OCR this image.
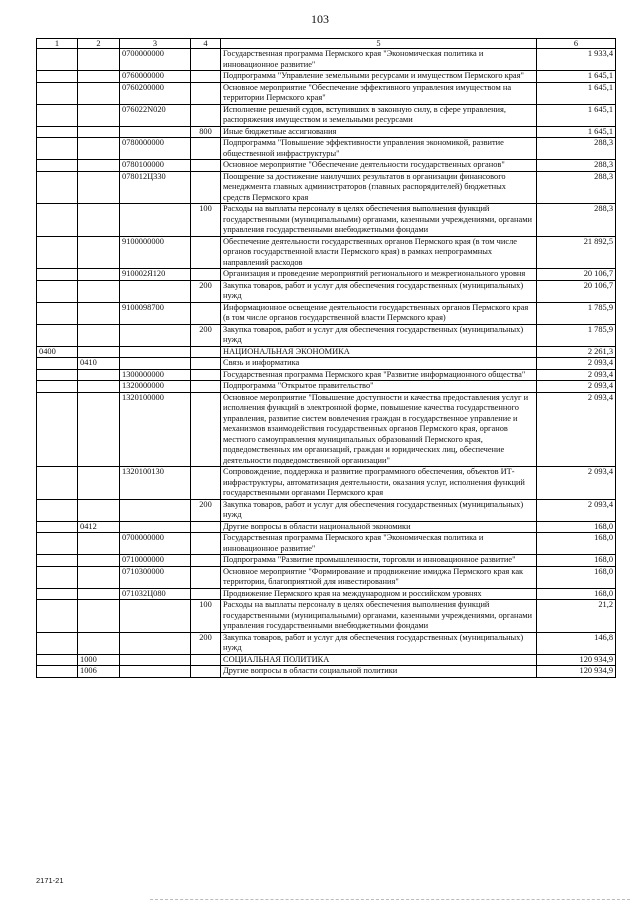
103
1	2	3	4	5	6
		0700000000		Государственная программа Пермского края "Экономическая политика и инновационное развитие"	1 933,4
		0760000000		Подпрограмма "Управление земельными ресурсами и имуществом Пермского края"	1 645,1
		0760200000		Основное мероприятие "Обеспечение эффективного управления имуществом на территории Пермского края"	1 645,1
		076022N020		Исполнение решений судов, вступивших в законную силу, в сфере управления, распоряжения имуществом и земельными ресурсами	1 645,1
			800	Иные бюджетные ассигнования	1 645,1
		0780000000		Подпрограмма "Повышение эффективности управления экономикой, развитие общественной инфраструктуры"	288,3
		0780100000		Основное мероприятие "Обеспечение деятельности государственных органов"	288,3
		078012Ц330		Поощрение за достижение наилучших результатов в организации финансового менеджмента главных администраторов (главных распорядителей) бюджетных средств Пермского края	288,3
			100	Расходы на выплаты персоналу в целях обеспечения выполнения функций государственными (муниципальными) органами, казенными учреждениями, органами управления государственными внебюджетными фондами	288,3
		9100000000		Обеспечение деятельности государственных органов Пермского края (в том числе органов государственной власти Пермского края) в рамках непрограммных направлений расходов	21 892,5
		910002Я120		Организация и проведение мероприятий регионального и межрегионального уровня	20 106,7
			200	Закупка товаров, работ и услуг для обеспечения государственных (муниципальных) нужд	20 106,7
		9100098700		Информационное освещение деятельности государственных органов Пермского края (в том числе органов государственной власти Пермского края)	1 785,9
			200	Закупка товаров, работ и услуг для обеспечения государственных (муниципальных) нужд	1 785,9
0400				НАЦИОНАЛЬНАЯ ЭКОНОМИКА	2 261,3
	0410			Связь и информатика	2 093,4
		1300000000		Государственная программа Пермского края "Развитие информационного общества"	2 093,4
		1320000000		Подпрограмма "Открытое правительство"	2 093,4
		1320100000		Основное мероприятие "Повышение доступности и качества предоставления услуг и исполнения функций в электронной форме, повышение качества государственного управления, развитие систем вовлечения граждан в государственное управление и механизмов взаимодействия государственных органов Пермского края, органов местного самоуправления муниципальных образований Пермского края, подведомственных им организаций, граждан и юридических лиц, обеспечение деятельности подведомственной организации"	2 093,4
		1320100130		Сопровождение, поддержка и развитие программного обеспечения, объектов ИТ-инфраструктуры, автоматизация деятельности, оказания услуг, исполнения функций государственными органами Пермского края	2 093,4
			200	Закупка товаров, работ и услуг для обеспечения государственных (муниципальных) нужд	2 093,4
	0412			Другие вопросы в области национальной экономики	168,0
		0700000000		Государственная программа Пермского края "Экономическая политика и инновационное развитие"	168,0
		0710000000		Подпрограмма "Развитие промышленности, торговли и инновационное развитие"	168,0
		0710300000		Основное мероприятие "Формирование и продвижение имиджа Пермского края как территории, благоприятной для инвестирования"	168,0
		071032Ц080		Продвижение Пермского края на международном и российском уровнях	168,0
			100	Расходы на выплаты персоналу в целях обеспечения выполнения функций государственными (муниципальными) органами, казенными учреждениями, органами управления государственными внебюджетными фондами	21,2
			200	Закупка товаров, работ и услуг для обеспечения государственных (муниципальных) нужд	146,8
	1000			СОЦИАЛЬНАЯ ПОЛИТИКА	120 934,9
	1006			Другие вопросы в области социальной политики	120 934,9
2171-21
